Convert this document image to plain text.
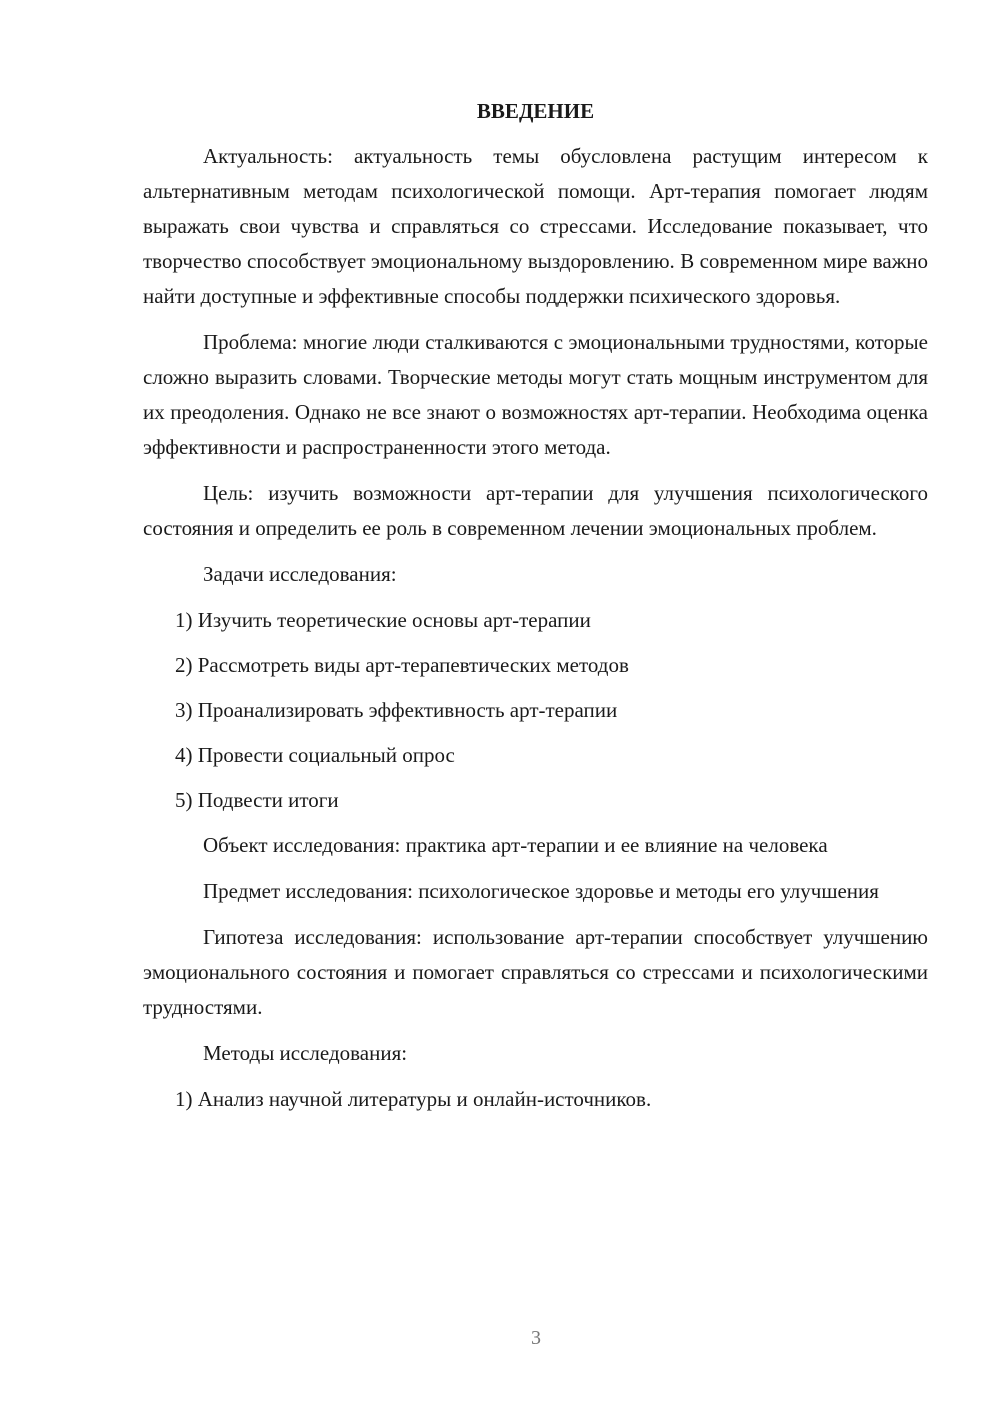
ВВЕДЕНИЕ

Актуальность: актуальность темы обусловлена растущим интересом к альтернативным методам психологической помощи. Арт-терапия помогает людям выражать свои чувства и справляться со стрессами. Исследование показывает, что творчество способствует эмоциональному выздоровлению. В современном мире важно найти доступные и эффективные способы поддержки психического здоровья.

Проблема: многие люди сталкиваются с эмоциональными трудностями, которые сложно выразить словами. Творческие методы могут стать мощным инструментом для их преодоления. Однако не все знают о возможностях арт-терапии. Необходима оценка эффективности и распространенности этого метода.

Цель: изучить возможности арт-терапии для улучшения психологического состояния и определить ее роль в современном лечении эмоциональных проблем.

Задачи исследования:

1) Изучить теоретические основы арт-терапии
2) Рассмотреть виды арт-терапевтических методов
3) Проанализировать эффективность арт-терапии
4) Провести социальный опрос
5) Подвести итоги

Объект исследования: практика арт-терапии и ее влияние на человека

Предмет исследования: психологическое здоровье и методы его улучшения

Гипотеза исследования: использование арт-терапии способствует улучшению эмоционального состояния и помогает справляться со стрессами и психологическими трудностями.

Методы исследования:

1) Анализ научной литературы и онлайн-источников.
3
